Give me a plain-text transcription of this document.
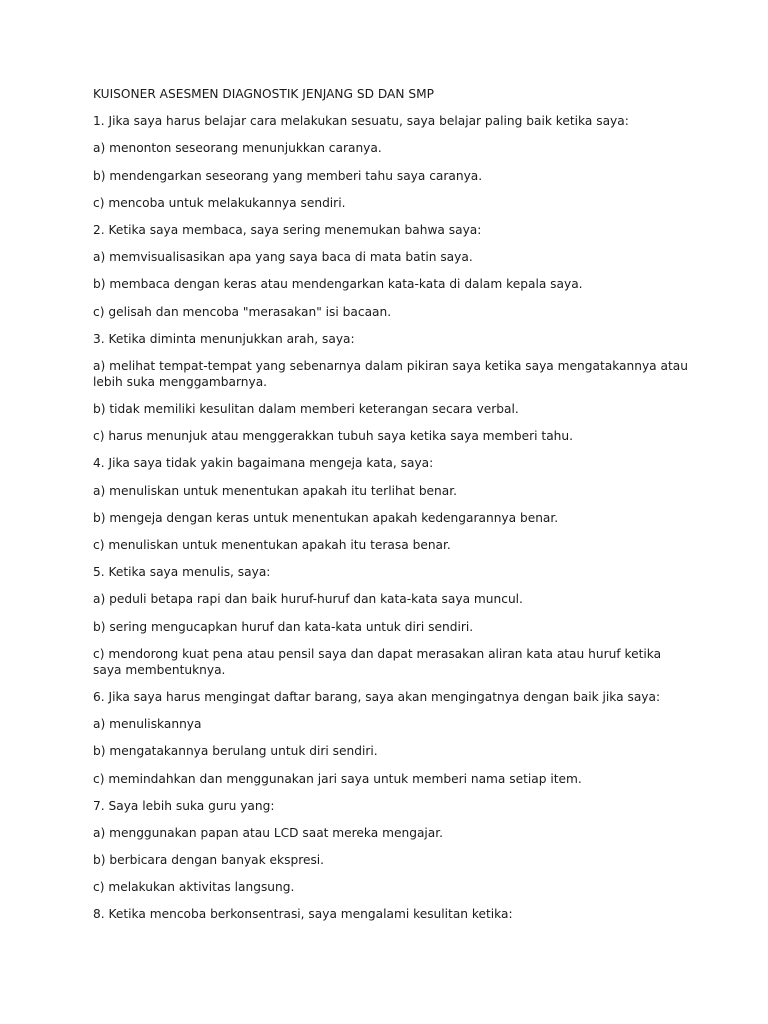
KUISONER ASESMEN DIAGNOSTIK JENJANG SD DAN SMP
1. Jika saya harus belajar cara melakukan sesuatu, saya belajar paling baik ketika saya:
a) menonton seseorang menunjukkan caranya.
b) mendengarkan seseorang yang memberi tahu saya caranya.
c) mencoba untuk melakukannya sendiri.
2. Ketika saya membaca, saya sering menemukan bahwa saya:
a) memvisualisasikan apa yang saya baca di mata batin saya.
b) membaca dengan keras atau mendengarkan kata-kata di dalam kepala saya.
c) gelisah dan mencoba "merasakan" isi bacaan.
3. Ketika diminta menunjukkan arah, saya:
a) melihat tempat-tempat yang sebenarnya dalam pikiran saya ketika saya mengatakannya atau lebih suka menggambarnya.
b) tidak memiliki kesulitan dalam memberi keterangan secara verbal.
c) harus menunjuk atau menggerakkan tubuh saya ketika saya memberi tahu.
4. Jika saya tidak yakin bagaimana mengeja kata, saya:
a) menuliskan untuk menentukan apakah itu terlihat benar.
b) mengeja dengan keras untuk menentukan apakah kedengarannya benar.
c) menuliskan untuk menentukan apakah itu terasa benar.
5. Ketika saya menulis, saya:
a) peduli betapa rapi dan baik huruf-huruf dan kata-kata saya muncul.
b) sering mengucapkan huruf dan kata-kata untuk diri sendiri.
c) mendorong kuat pena atau pensil saya dan dapat merasakan aliran kata atau huruf ketika saya membentuknya.
6. Jika saya harus mengingat daftar barang, saya akan mengingatnya dengan baik jika saya:
a) menuliskannya
b) mengatakannya berulang untuk diri sendiri.
c) memindahkan dan menggunakan jari saya untuk memberi nama setiap item.
7. Saya lebih suka guru yang:
a) menggunakan papan atau LCD saat mereka mengajar.
b) berbicara dengan banyak ekspresi.
c) melakukan aktivitas langsung.
8. Ketika mencoba berkonsentrasi, saya mengalami kesulitan ketika:
